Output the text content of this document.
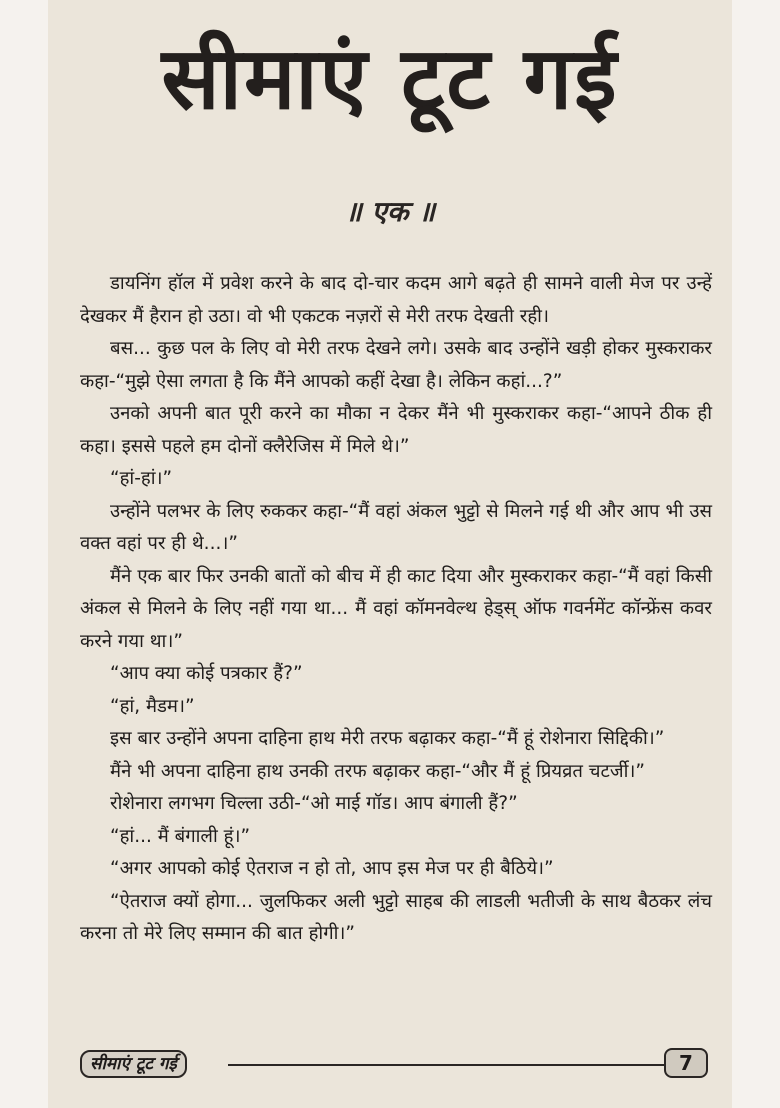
सीमाएं टूट गई
॥ एक ॥

डायनिंग हॉल में प्रवेश करने के बाद दो-चार कदम आगे बढ़ते ही सामने वाली मेज पर उन्हें देखकर मैं हैरान हो उठा। वो भी एकटक नज़रों से मेरी तरफ देखती रही।

बस... कुछ पल के लिए वो मेरी तरफ देखने लगे। उसके बाद उन्होंने खड़ी होकर मुस्कराकर कहा-“मुझे ऐसा लगता है कि मैंने आपको कहीं देखा है। लेकिन कहां...?”

उनको अपनी बात पूरी करने का मौका न देकर मैंने भी मुस्कराकर कहा-“आपने ठीक ही कहा। इससे पहले हम दोनों क्लैरेजिस में मिले थे।”

“हां-हां।”

उन्होंने पलभर के लिए रुककर कहा-“मैं वहां अंकल भुट्टो से मिलने गई थी और आप भी उस वक्त वहां पर ही थे...।”

मैंने एक बार फिर उनकी बातों को बीच में ही काट दिया और मुस्कराकर कहा-“मैं वहां किसी अंकल से मिलने के लिए नहीं गया था... मैं वहां कॉमनवेल्थ हेड्स् ऑफ गवर्नमेंट कॉन्फ्रेंस कवर करने गया था।”

“आप क्या कोई पत्रकार हैं?”

“हां, मैडम।”

इस बार उन्होंने अपना दाहिना हाथ मेरी तरफ बढ़ाकर कहा-“मैं हूं रोशेनारा सिद्दिकी।”

मैंने भी अपना दाहिना हाथ उनकी तरफ बढ़ाकर कहा-“और मैं हूं प्रियव्रत चटर्जी।”

रोशेनारा लगभग चिल्ला उठी-“ओ माई गॉड। आप बंगाली हैं?”

“हां... मैं बंगाली हूं।”

“अगर आपको कोई ऐतराज न हो तो, आप इस मेज पर ही बैठिये।”

“ऐतराज क्यों होगा... जुलफिकर अली भुट्टो साहब की लाडली भतीजी के साथ बैठकर लंच करना तो मेरे लिए सम्मान की बात होगी।”

सीमाएं टूट गई	7
